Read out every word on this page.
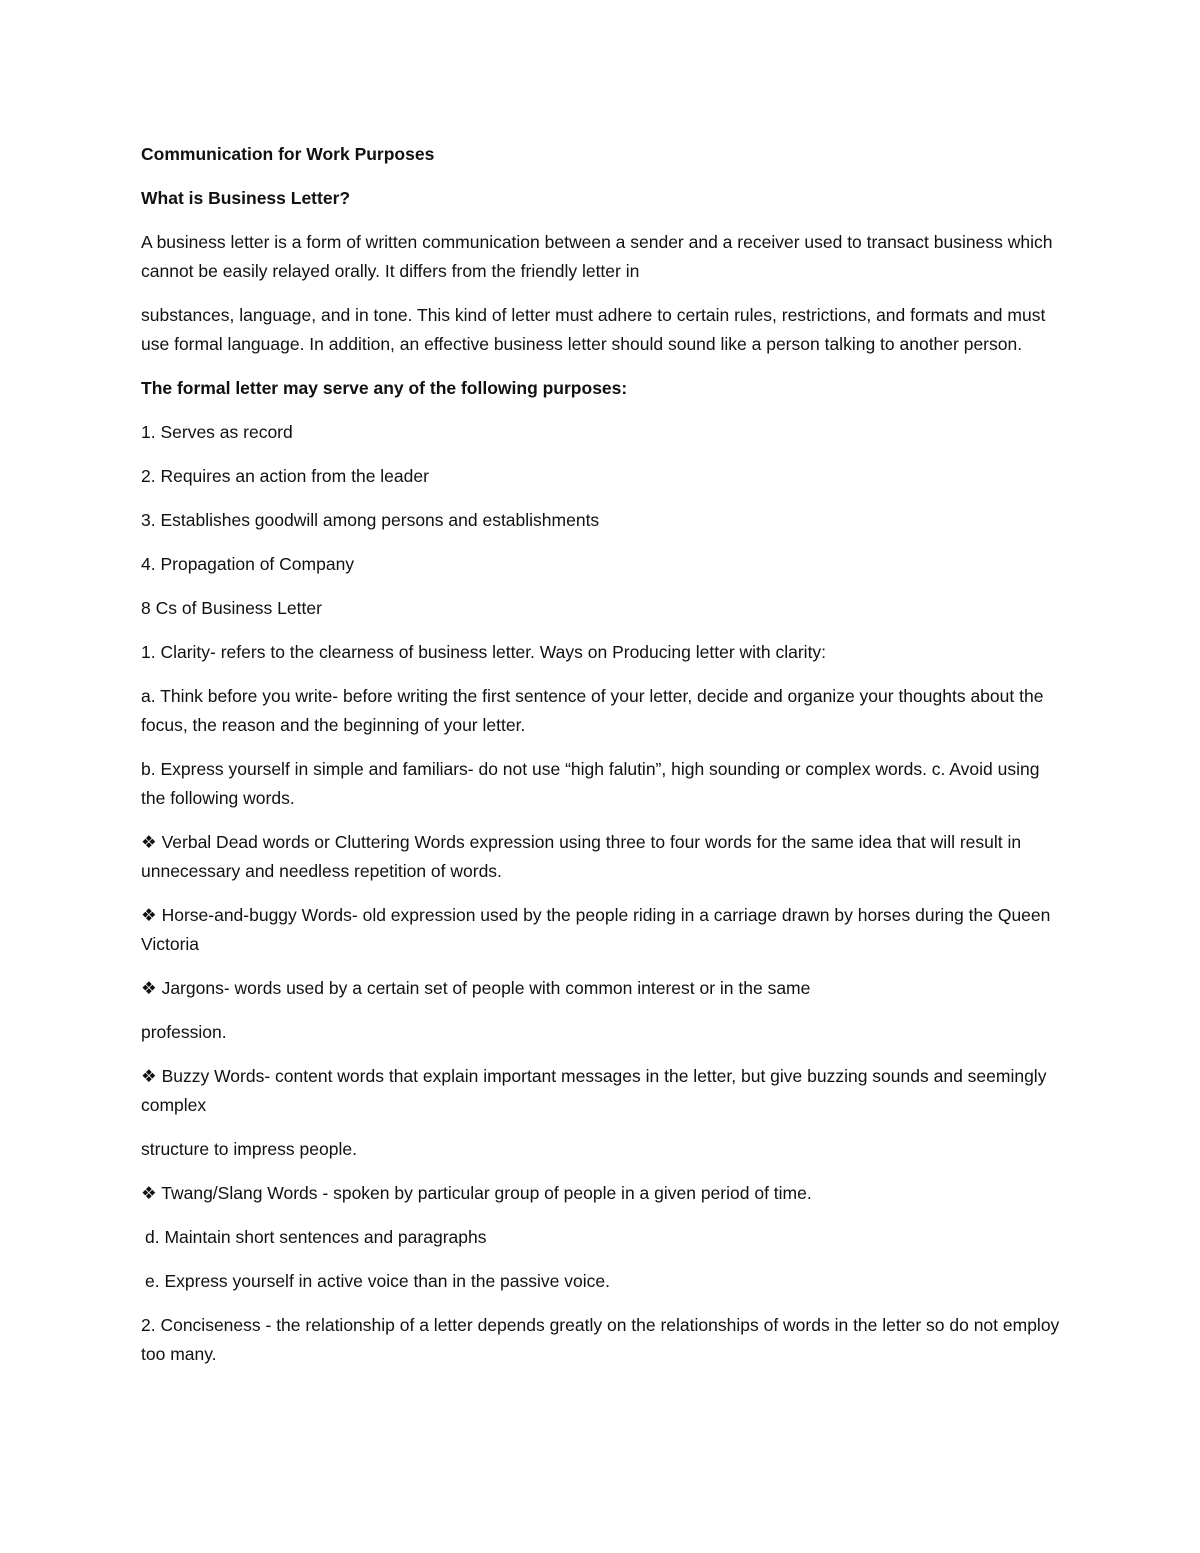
Communication for Work Purposes

What is Business Letter?

A business letter is a form of written communication between a sender and a receiver used to transact business which cannot be easily relayed orally. It differs from the friendly letter in

substances, language, and in tone. This kind of letter must adhere to certain rules, restrictions, and formats and must use formal language. In addition, an effective business letter should sound like a person talking to another person.

The formal letter may serve any of the following purposes:

1. Serves as record

2. Requires an action from the leader

3. Establishes goodwill among persons and establishments

4. Propagation of Company

8 Cs of Business Letter

1. Clarity- refers to the clearness of business letter. Ways on Producing letter with clarity:

a. Think before you write- before writing the first sentence of your letter, decide and organize your thoughts about the focus, the reason and the beginning of your letter.

b. Express yourself in simple and familiars- do not use “high falutin”, high sounding or complex words. c. Avoid using the following words.

❖ Verbal Dead words or Cluttering Words expression using three to four words for the same idea that will result in unnecessary and needless repetition of words.

❖ Horse-and-buggy Words- old expression used by the people riding in a carriage drawn by horses during the Queen Victoria

❖ Jargons- words used by a certain set of people with common interest or in the same

profession.

❖ Buzzy Words- content words that explain important messages in the letter, but give buzzing sounds and seemingly complex

structure to impress people.

❖ Twang/Slang Words - spoken by particular group of people in a given period of time.

d. Maintain short sentences and paragraphs

e. Express yourself in active voice than in the passive voice.

2. Conciseness - the relationship of a letter depends greatly on the relationships of words in the letter so do not employ too many.
